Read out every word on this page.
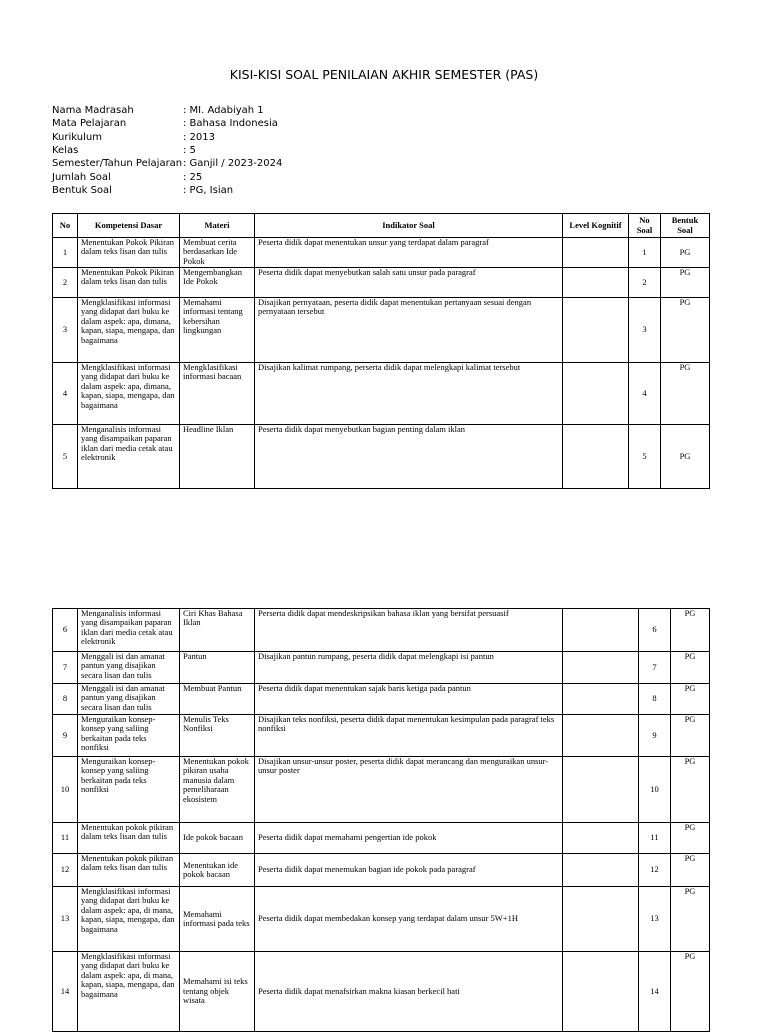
KISI-KISI SOAL PENILAIAN AKHIR SEMESTER (PAS)
Nama Madrasah	: MI. Adabiyah 1
Mata Pelajaran	: Bahasa Indonesia
Kurikulum	: 2013
Kelas	: 5
Semester/Tahun Pelajaran : Ganjil / 2023-2024
Jumlah Soal	: 25
Bentuk Soal	: PG, Isian
No	Kompetensi Dasar	Materi	Indikator Soal	Level Kognitif	No Soal	Bentuk Soal
1	Menentukan Pokok Pikiran dalam teks lisan dan tulis	Membuat cerita berdasarkan Ide Pokok	Peserta didik dapat menentukan unsur yang terdapat dalam paragraf		1	PG
2	Menentukan Pokok Pikiran dalam teks lisan dan tulis	Mengembangkan Ide Pokok	Peserta didik dapat menyebutkan salah satu unsur pada paragraf		2	PG
3	Mengklasifikasi informasi yang didapat dari buku ke dalam aspek: apa, dimana, kapan, siapa, mengapa, dan bagaimana	Memahami informasi tentang kebersihan lingkungan	Disajikan pernyataan, peserta didik dapat menentukan pertanyaan sesuai dengan pernyataan tersebut		3	PG
4	Mengklasifikasi informasi yang didapat dari buku ke dalam aspek: apa, dimana, kapan, siapa, mengapa, dan bagaimana	Mengklasifikasi informasi bacaan	Disajikan kalimat rumpang, perserta didik dapat melengkapi kalimat tersebut		4	PG
5	Menganalisis informasi yang disampaikan paparan iklan dari media cetak atau elektronik	Headline Iklan	Peserta didik dapat menyebutkan bagian penting dalam iklan		5	PG
6	Menganalisis informasi yang disampaikan paparan iklan dari media cetak atau elektronik	Ciri Khas Bahasa Iklan	Perserta didik dapat mendeskripsikan bahasa iklan yang bersifat persuasif		6	PG
7	Menggali isi dan amanat pantun yang disajikan secara lisan dan tulis	Pantun	Disajikan pantun rumpang, peserta didik dapat melengkapi isi pantun		7	PG
8	Menggali isi dan amanat pantun yang disajikan secara lisan dan tulis	Membuat Pantun	Peserta didik dapat menentukan sajak baris ketiga pada pantun		8	PG
9	Menguraikan konsep-konsep yang saliing berkaitan pada teks nonfiksi	Menulis Teks Nonfiksi	Disajikan teks nonfiksi, peserta didik dapat menentukan kesimpulan pada paragraf teks nonfiksi		9	PG
10	Menguraikan konsep-konsep yang saliing berkaitan pada teks nonfiksi	Menentukan pokok pikiran usaha manusia dalam pemeliharaan ekosistem	Disajikan unsur-unsur poster, peserta didik dapat merancang dan menguraikan unsur-unsur poster		10	PG
11	Menentukan pokok pikiran dalam teks lisan dan tulis	Ide pokok bacaan	Peserta didik dapat memahami pengertian ide pokok		11	PG
12	Menentukan pokok pikiran dalam teks lisan dan tulis	Menentukan ide pokok bacaan	Peserta didik dapat menemukan bagian ide pokok pada paragraf		12	PG
13	Mengklasifikasi informasi yang didapat dari buku ke dalam aspek: apa, di mana, kapan, siapa, mengapa, dan bagaimana	Memahami informasi pada teks	Peserta didik dapat membedakan konsep yang terdapat dalam unsur 5W+1H		13	PG
14	Mengklasifikasi informasi yang didapat dari buku ke dalam aspek: apa, di mana, kapan, siapa, mengapa, dan bagaimana	Memahami isi teks tentang objek wisata	Peserta didik dapat menafsirkan makna kiasan berkecil hati		14	PG
